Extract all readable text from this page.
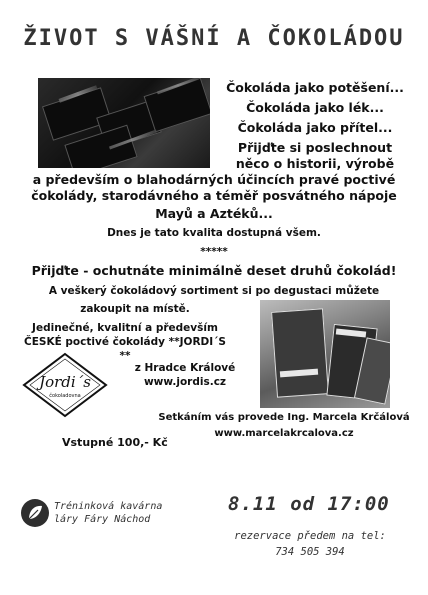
ŽIVOT S VÁŠNÍ A ČOKOLÁDOU
Čokoláda jako potěšení...
Čokoláda jako lék...
Čokoláda jako přítel...
Přijďte si poslechnout
něco o historii, výrobě
a především o blahodárných účincích pravé poctivé
čokolády, starodávného a téměř posvátného nápoje
Mayů a Aztéků...
Dnes je tato kvalita dostupná všem.
*****
Přijďte - ochutnáte minimálně deset druhů čokolád!
A veškerý čokoládový sortiment si po degustaci můžete
zakoupit na místě.
Jedinečné, kvalitní a především
ČESKÉ poctivé čokolády **JORDI´S
**
Jordi´s
čokoladovna
z Hradce Králové
www.jordis.cz
Setkáním vás provede Ing. Marcela Krčálová
www.marcelakrcalova.cz
Vstupné 100,- Kč
Tréninková kavárna
láry Fáry Náchod
8.11 od 17:00
rezervace předem na tel:
734 505 394
